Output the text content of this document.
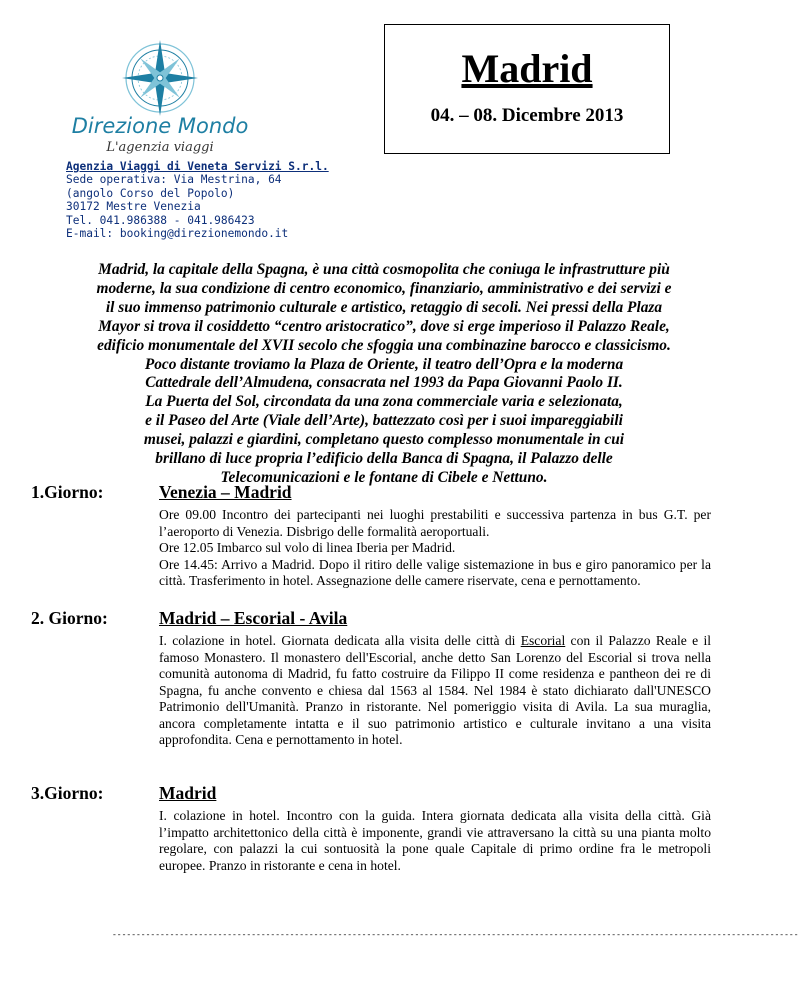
Direzione Mondo
L'agenzia viaggi
Agenzia Viaggi di Veneta Servizi S.r.l.
Sede operativa: Via Mestrina, 64
(angolo Corso del Popolo)
30172 Mestre Venezia
Tel. 041.986388 - 041.986423
E-mail: booking@direzionemondo.it
Madrid
04. – 08. Dicembre 2013
Madrid, la capitale della Spagna, è una città cosmopolita che coniuga le infrastrutture più
moderne, la sua condizione di centro economico, finanziario, amministrativo e dei servizi e
il suo immenso patrimonio culturale e artistico, retaggio di secoli. Nei pressi della Plaza
Mayor si trova il cosiddetto “centro aristocratico”, dove si erge imperioso il Palazzo Reale,
edificio monumentale del XVII secolo che sfoggia una combinazine barocco e classicismo.
Poco distante troviamo la Plaza de Oriente, il teatro dell’Opra e la moderna
Cattedrale dell’Almudena, consacrata nel 1993 da Papa Giovanni Paolo II.
La Puerta del Sol, circondata da una zona commerciale varia e selezionata,
e il Paseo del Arte (Viale dell’Arte), battezzato così per i suoi impareggiabili
musei, palazzi e giardini, completano questo complesso monumentale in cui
brillano di luce propria l’edificio della Banca di Spagna, il Palazzo delle
Telecomunicazioni e le fontane di Cibele e Nettuno.
1.Giorno:	Venezia – Madrid

Ore 09.00 Incontro dei partecipanti nei luoghi prestabiliti e successiva partenza in bus G.T. per l’aeroporto di Venezia. Disbrigo delle formalità aeroportuali.

Ore 12.05 Imbarco sul volo di linea Iberia per Madrid.

Ore 14.45: Arrivo a Madrid. Dopo il ritiro delle valige sistemazione in bus e giro panoramico per la città. Trasferimento in hotel. Assegnazione delle camere riservate, cena e pernottamento.

2. Giorno:	Madrid – Escorial - Avila

I. colazione in hotel. Giornata dedicata alla visita delle città di Escorial con il Palazzo Reale e il famoso Monastero. Il monastero dell'Escorial, anche detto San Lorenzo del Escorial si trova nella comunità autonoma di Madrid, fu fatto costruire da Filippo II come residenza e pantheon dei re di Spagna, fu anche convento e chiesa dal 1563 al 1584. Nel 1984 è stato dichiarato dall'UNESCO Patrimonio dell'Umanità. Pranzo in ristorante. Nel pomeriggio visita di Avila. La sua muraglia, ancora completamente intatta e il suo patrimonio artistico e culturale invitano a una visita approfondita. Cena e pernottamento in hotel.

3.Giorno:	Madrid

I. colazione in hotel. Incontro con la guida. Intera giornata dedicata alla visita della città. Già l’impatto architettonico della città è imponente, grandi vie attraversano la città su una pianta molto regolare, con palazzi la cui sontuosità la pone quale Capitale di primo ordine fra le metropoli europee. Pranzo in ristorante e cena in hotel.

-----------------------------------------------------------------------------------------------------------------------------------------------
